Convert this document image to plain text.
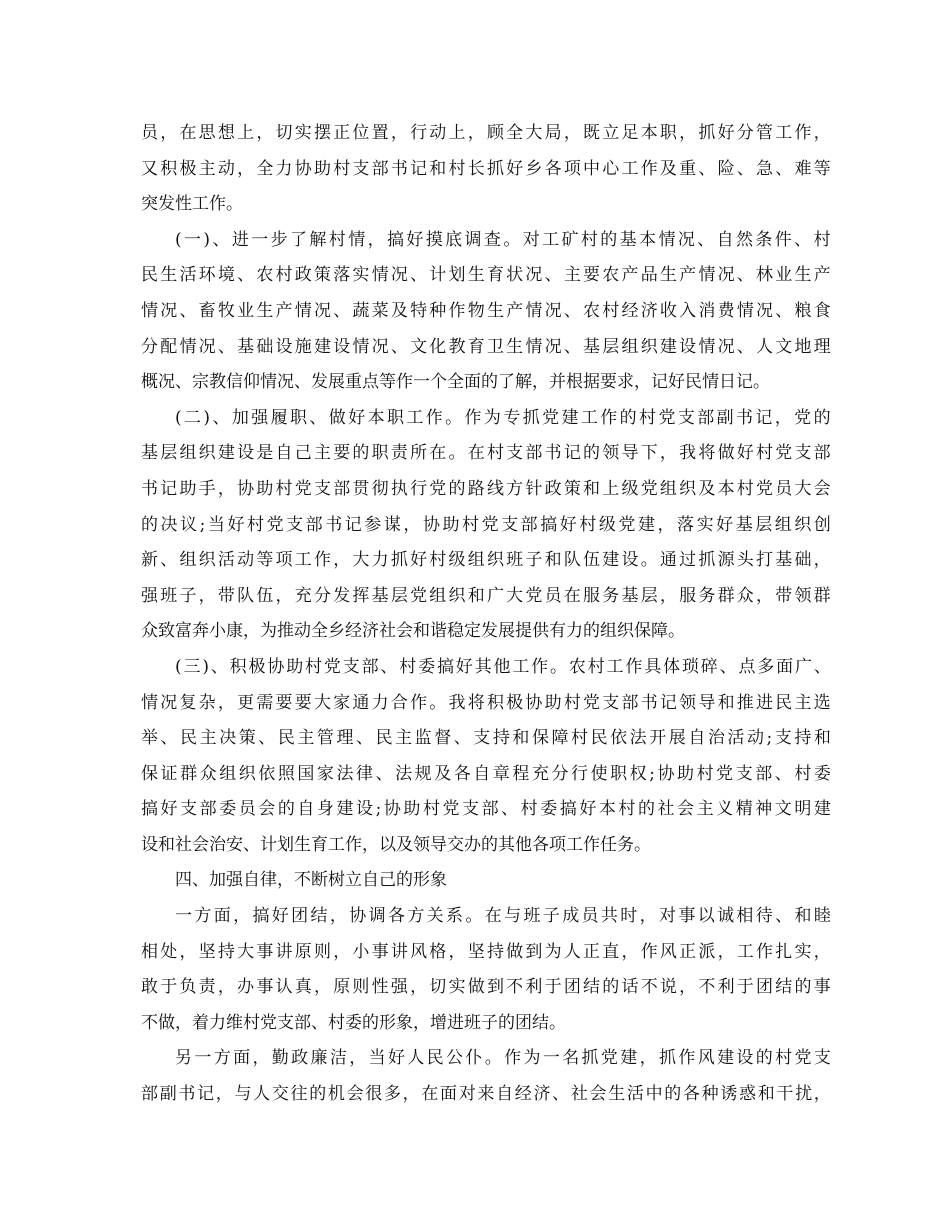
员 ， 在 思 想 上 ， 切 实 摆 正 位 置 ， 行 动 上 ， 顾 全 大 局 ， 既 立 足 本 职 ， 抓 好 分 管 工 作 ，
又 积 极 主 动 ， 全 力 协 助 村 支 部 书 记 和 村 长 抓 好 乡 各 项 中 心 工 作 及 重 、 险 、 急 、 难 等
突发性工作。
( 一 ) 、 进 一 步 了 解 村 情 ， 搞 好 摸 底 调 查 。 对 工 矿 村 的 基 本 情 况 、 自 然 条 件 、 村
民 生 活 环 境 、 农 村 政 策 落 实 情 况 、 计 划 生 育 状 况 、 主 要 农 产 品 生 产 情 况 、 林 业 生 产
情 况 、 畜 牧 业 生 产 情 况 、 蔬 菜 及 特 种 作 物 生 产 情 况 、 农 村 经 济 收 入 消 费 情 况 、 粮 食
分 配 情 况 、 基 础 设 施 建 设 情 况 、 文 化 教 育 卫 生 情 况 、 基 层 组 织 建 设 情 况 、 人 文 地 理
概况、宗教信仰情况、发展重点等作一个全面的了解，并根据要求，记好民情日记。
( 二 ) 、 加 强 履 职 、 做 好 本 职 工 作 。 作 为 专 抓 党 建 工 作 的 村 党 支 部 副 书 记 ， 党 的
基 层 组 织 建 设 是 自 己 主 要 的 职 责 所 在 。 在 村 支 部 书 记 的 领 导 下 ， 我 将 做 好 村 党 支 部
书 记 助 手 ， 协 助 村 党 支 部 贯 彻 执 行 党 的 路 线 方 针 政 策 和 上 级 党 组 织 及 本 村 党 员 大 会
的 决 议 ; 当 好 村 党 支 部 书 记 参 谋 ， 协 助 村 党 支 部 搞 好 村 级 党 建 ， 落 实 好 基 层 组 织 创
新 、 组 织 活 动 等 项 工 作 ， 大 力 抓 好 村 级 组 织 班 子 和 队 伍 建 设 。 通 过 抓 源 头 打 基 础 ，
强 班 子 ， 带 队 伍 ， 充 分 发 挥 基 层 党 组 织 和 广 大 党 员 在 服 务 基 层 ， 服 务 群 众 ， 带 领 群
众致富奔小康，为推动全乡经济社会和谐稳定发展提供有力的组织保障。
( 三 ) 、 积 极 协 助 村 党 支 部 、 村 委 搞 好 其 他 工 作 。 农 村 工 作 具 体 琐 碎 、 点 多 面 广 、
情 况 复 杂 ， 更 需 要 要 大 家 通 力 合 作 。 我 将 积 极 协 助 村 党 支 部 书 记 领 导 和 推 进 民 主 选
举 、 民 主 决 策 、 民 主 管 理 、 民 主 监 督 、 支 持 和 保 障 村 民 依 法 开 展 自 治 活 动 ; 支 持 和
保 证 群 众 组 织 依 照 国 家 法 律 、 法 规 及 各 自 章 程 充 分 行 使 职 权 ; 协 助 村 党 支 部 、 村 委
搞 好 支 部 委 员 会 的 自 身 建 设 ; 协 助 村 党 支 部 、 村 委 搞 好 本 村 的 社 会 主 义 精 神 文 明 建
设和社会治安、计划生育工作，以及领导交办的其他各项工作任务。
四、加强自律，不断树立自己的形象
一 方 面 ， 搞 好 团 结 ， 协 调 各 方 关 系 。 在 与 班 子 成 员 共 时 ， 对 事 以 诚 相 待 、 和 睦
相 处 ， 坚 持 大 事 讲 原 则 ， 小 事 讲 风 格 ， 坚 持 做 到 为 人 正 直 ， 作 风 正 派 ， 工 作 扎 实 ，
敢 于 负 责 ， 办 事 认 真 ， 原 则 性 强 ， 切 实 做 到 不 利 于 团 结 的 话 不 说 ， 不 利 于 团 结 的 事
不做，着力维村党支部、村委的形象，增进班子的团结。
另 一 方 面 ， 勤 政 廉 洁 ， 当 好 人 民 公 仆 。 作 为 一 名 抓 党 建 ， 抓 作 风 建 设 的 村 党 支
部 副 书 记 ， 与 人 交 往 的 机 会 很 多 ， 在 面 对 来 自 经 济 、 社 会 生 活 中 的 各 种 诱 惑 和 干 扰 ，
